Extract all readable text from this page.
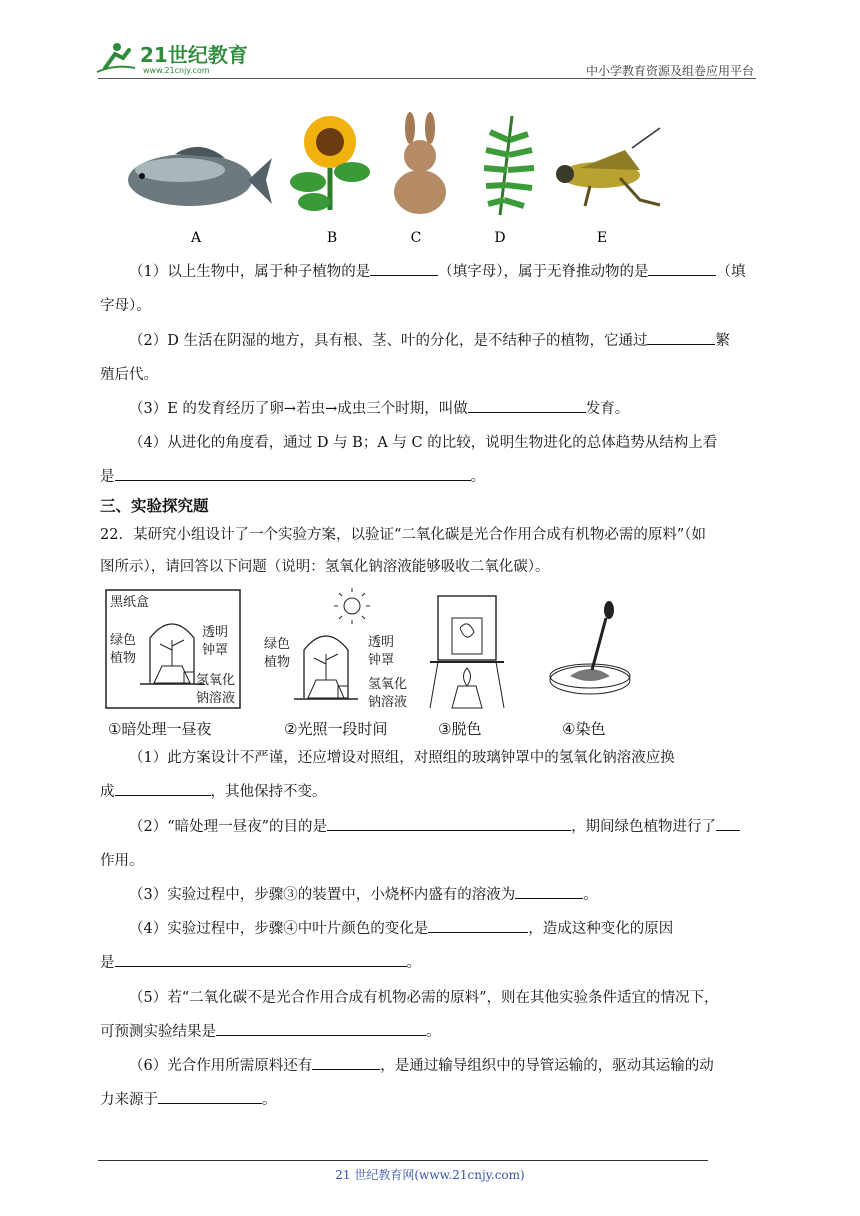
21世纪教育
www.21cnjy.com	中小学教育资源及组卷应用平台
A	B	C	D	E
（1）以上生物中，属于种子植物的是	（填字母），属于无脊推动物的是	（填
字母）。
（2）D 生活在阴湿的地方，具有根、茎、叶的分化，是不结种子的植物，它通过	繁
殖后代。
（3）E 的发育经历了卵→若虫→成虫三个时期，叫做	发育。
（4）从进化的角度看，通过 D 与 B；A 与 C 的比较，说明生物进化的总体趋势从结构上看
是	。
三、实验探究题
22．某研究小组设计了一个实验方案，以验证“二氧化碳是光合作用合成有机物必需的原料”（如
图所示），请回答以下问题（说明：氢氧化钠溶液能够吸收二氧化碳）。
黑纸盒
绿色
植物
透明
钟罩
氢氧化
钠溶液
①暗处理一昼夜
绿色
植物
透明
钟罩
氢氧化
钠溶液
②光照一段时间	③脱色	④染色
（1）此方案设计不严谨，还应增设对照组，对照组的玻璃钟罩中的氢氧化钠溶液应换
成	，其他保持不变。
（2）“暗处理一昼夜”的目的是	，期间绿色植物进行了
作用。
（3）实验过程中，步骤③的装置中，小烧杯内盛有的溶液为	。
（4）实验过程中，步骤④中叶片颜色的变化是	，造成这种变化的原因
是	。
（5）若“二氧化碳不是光合作用合成有机物必需的原料”，则在其他实验条件适宜的情况下，
可预测实验结果是	。
（6）光合作用所需原料还有	，是通过输导组织中的导管运输的，驱动其运输的动
力来源于	。
21 世纪教育网(www.21cnjy.com)
